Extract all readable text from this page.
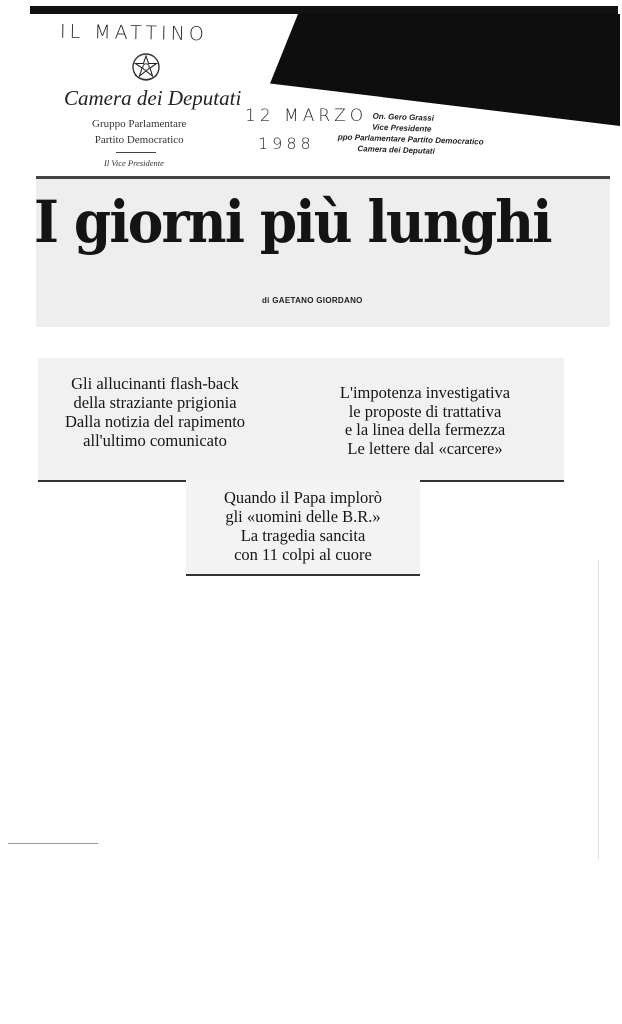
IL MATTINO
12 MARZO
1988
Camera dei Deputati
Gruppo Parlamentare
Partito Democratico
Il Vice Presidente
On. Gero Grassi
Vice Presidente
ppo Parlamentare Partito Democratico
Camera dei Deputati
I giorni più lunghi
di GAETANO GIORDANO
Gli allucinanti flash-back
della straziante prigionia
Dalla notizia del rapimento
all'ultimo comunicato
L'impotenza investigativa
le proposte di trattativa
e la linea della fermezza
Le lettere dal «carcere»
Quando il Papa implorò
gli «uomini delle B.R.»
La tragedia sancita
con 11 colpi al cuore
